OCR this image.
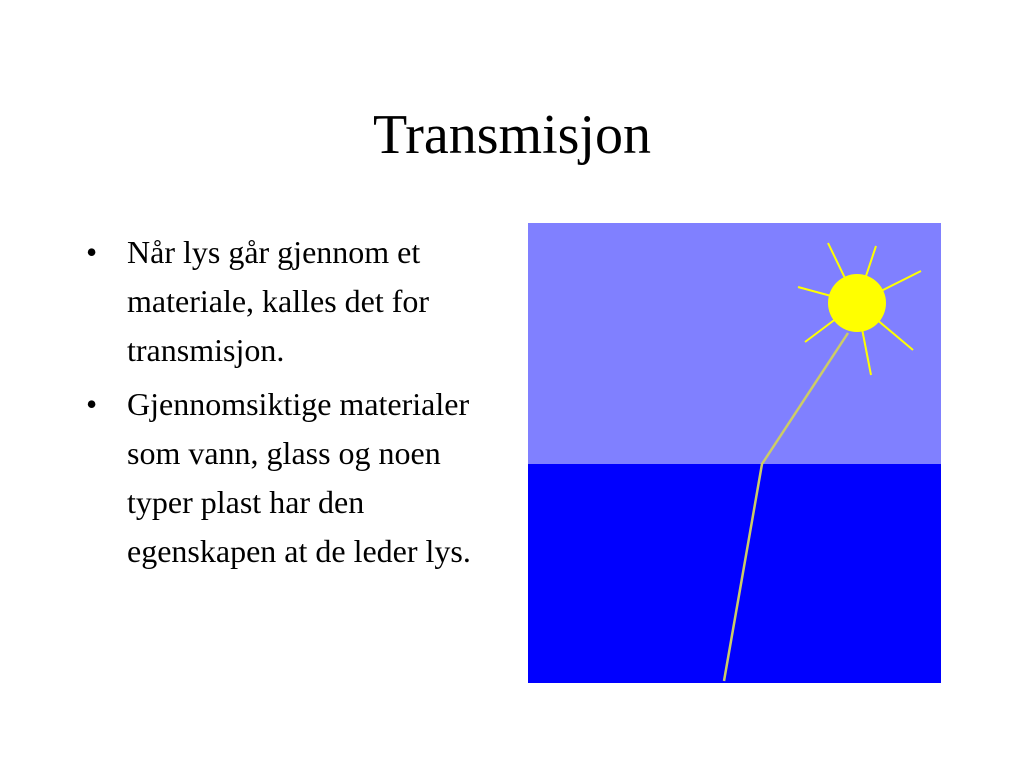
Transmisjon
• Når lys går gjennom et materiale, kalles det for transmisjon.
• Gjennomsiktige materialer som vann, glass og noen typer plast har den egenskapen at de leder lys.
